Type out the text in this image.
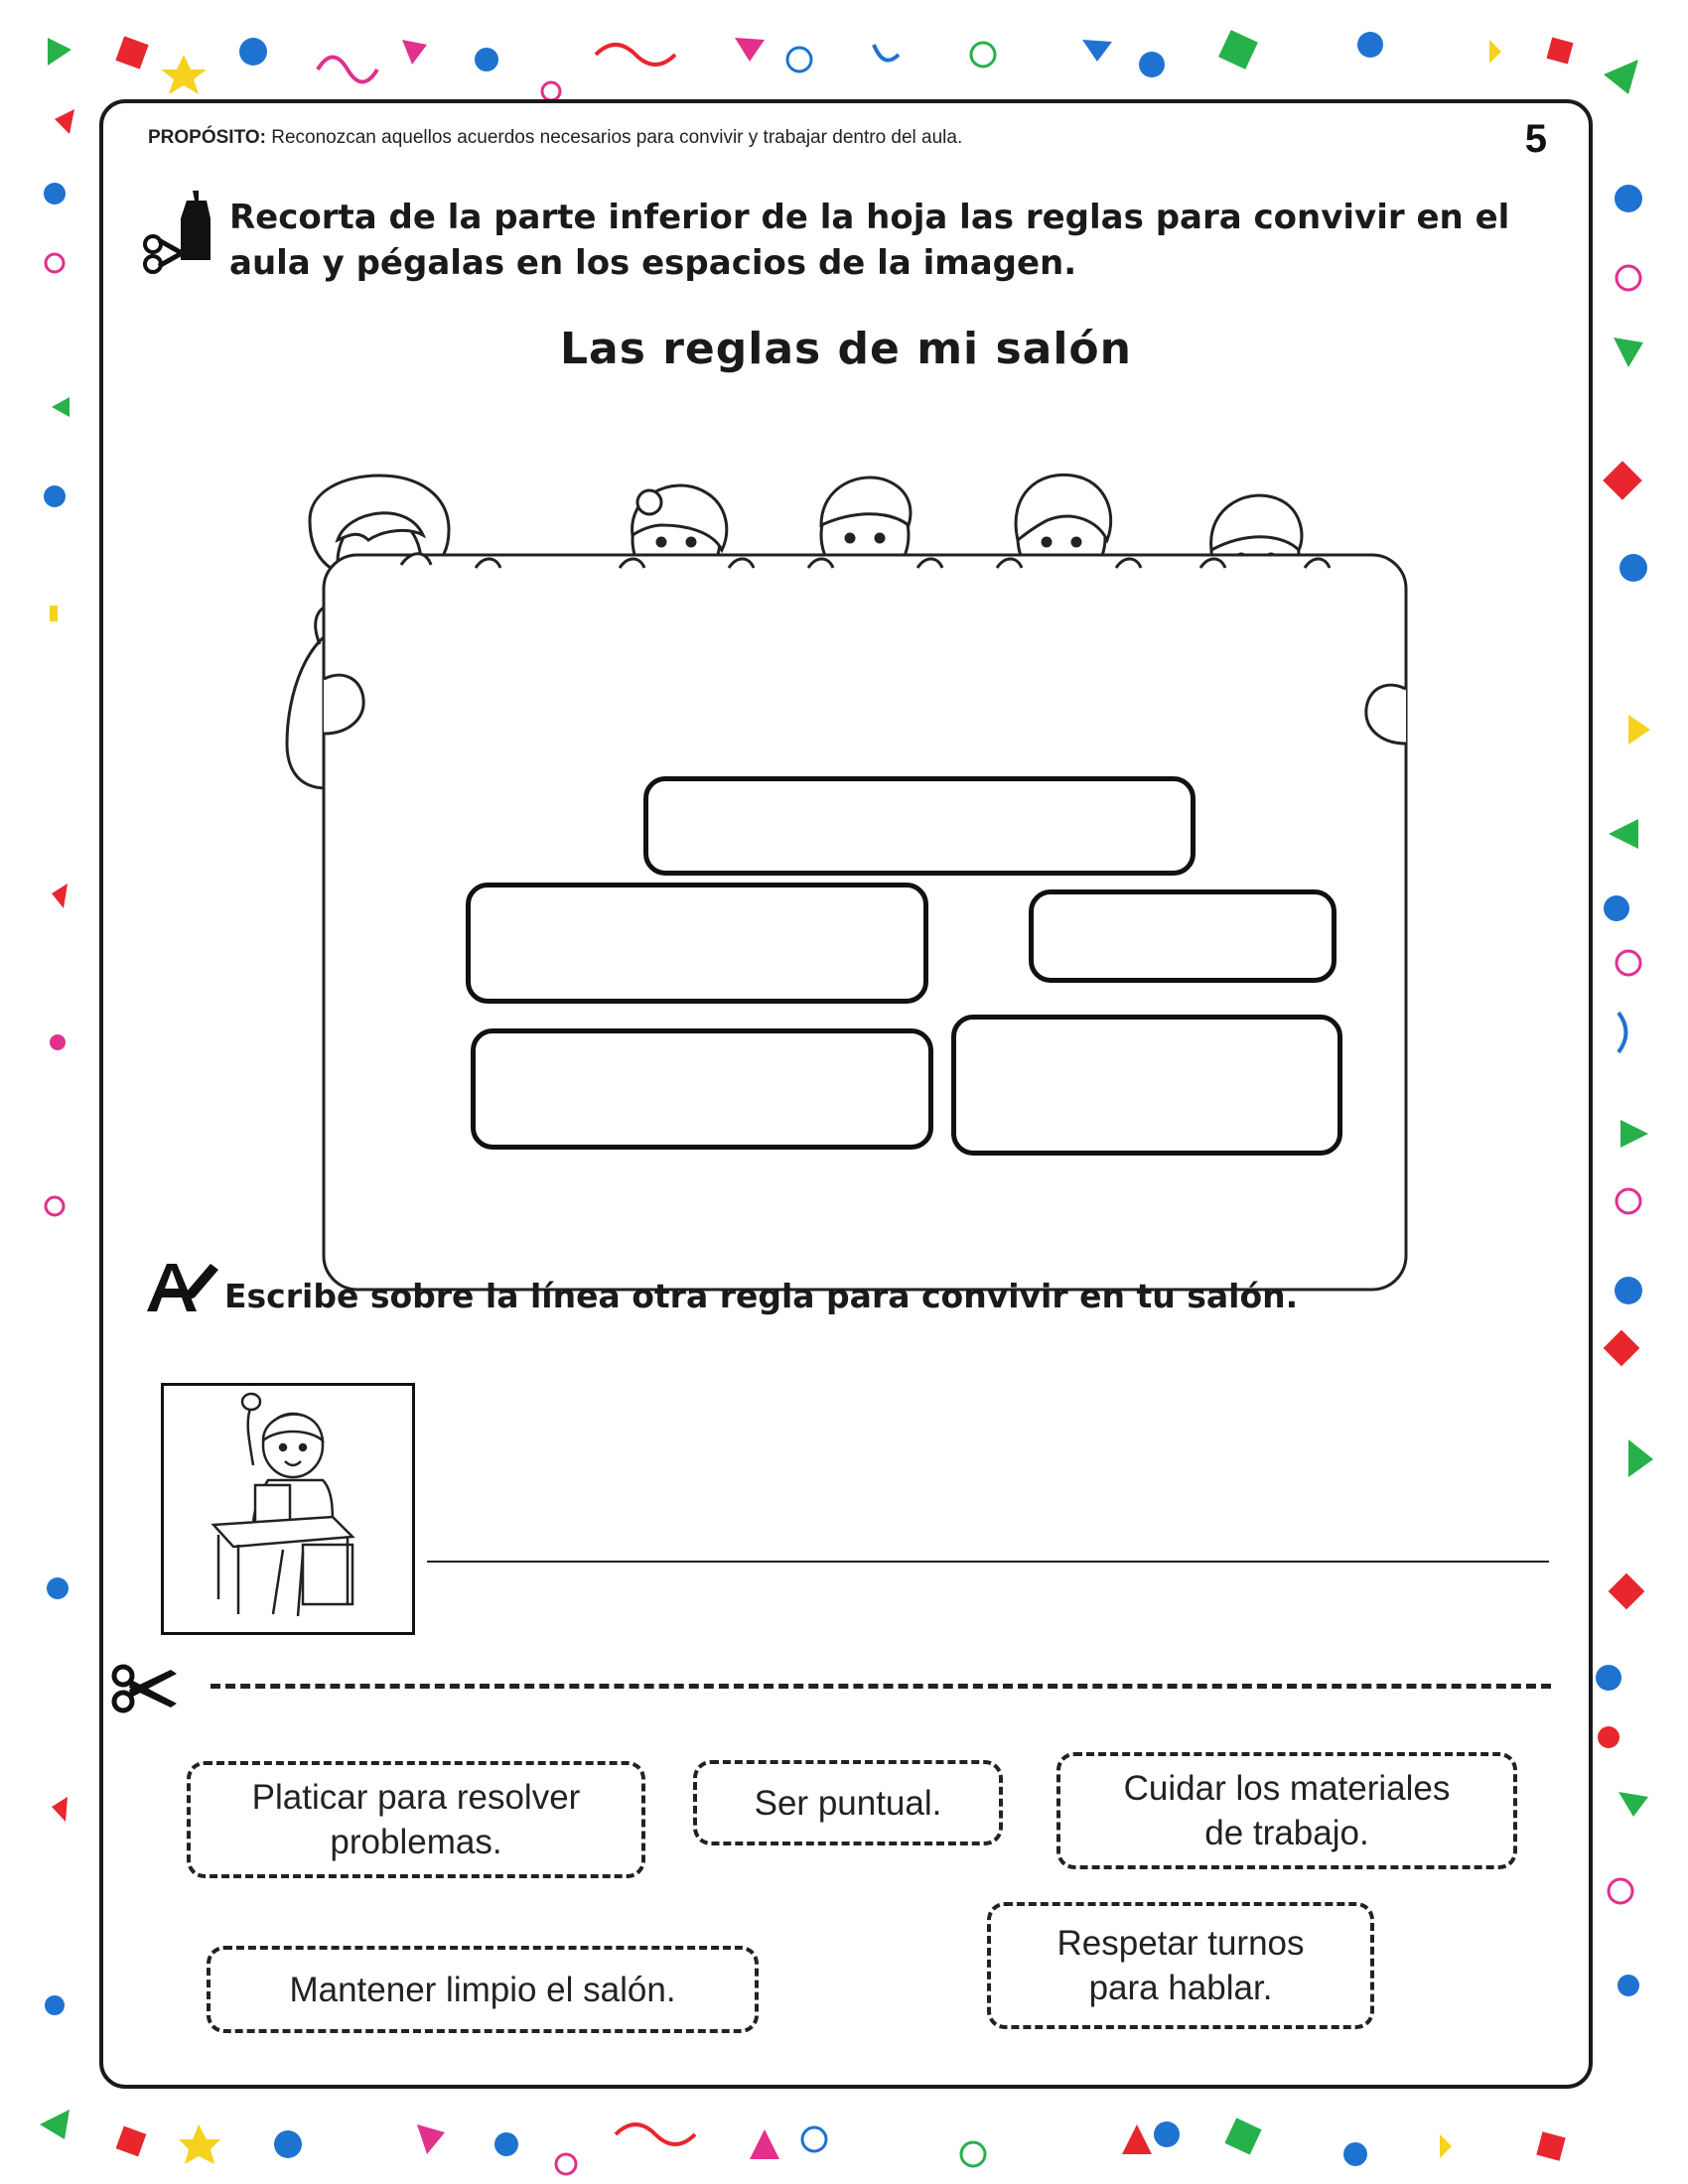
PROPÓSITO: Reconozcan aquellos acuerdos necesarios para convivir y trabajar dentro del aula.	5
Recorta de la parte inferior de la hoja las reglas para convivir en el
aula y pégalas en los espacios de la imagen.
Las reglas de mi salón
Escribe sobre la línea otra regla para convivir en tu salón.
Platicar para resolver
problemas.
Ser puntual.	Cuidar los materiales
de trabajo.
Mantener limpio el salón.
Respetar turnos
para hablar.
